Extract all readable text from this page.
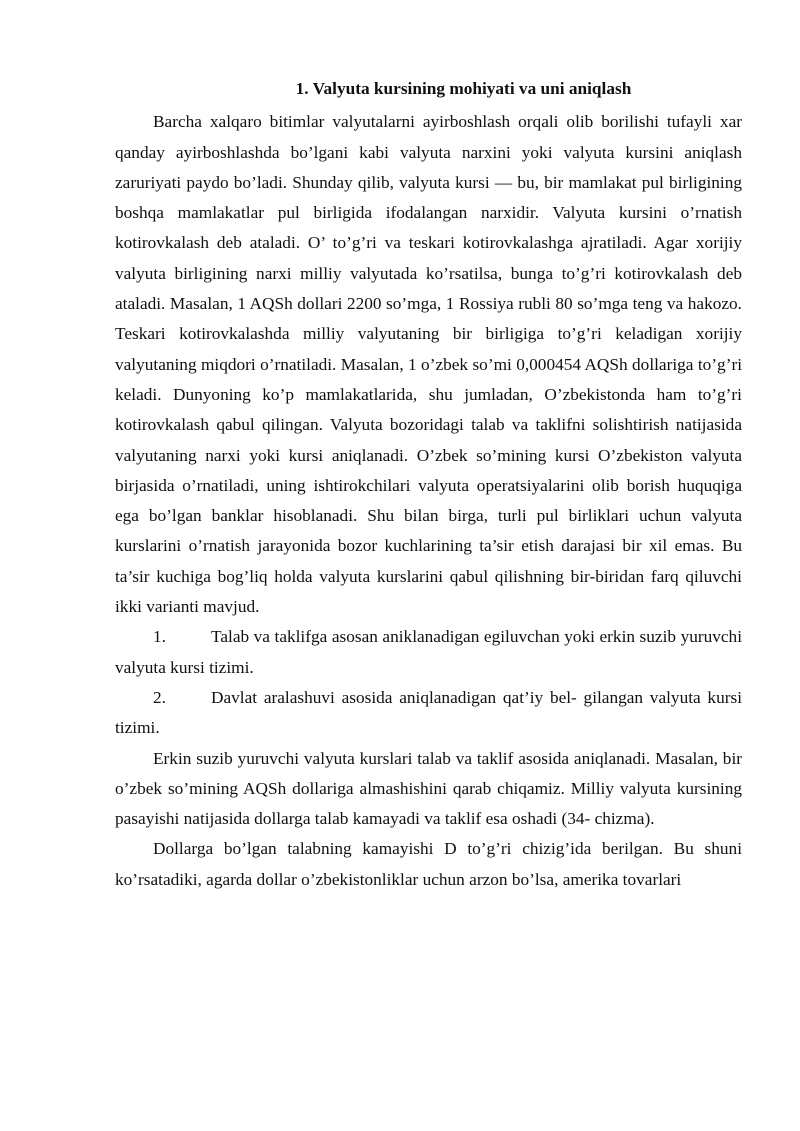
1. Valyuta kursining mohiyati va uni aniqlash

Barcha xalqaro bitimlar valyutalarni ayirboshlash orqali olib borilishi tufayli xar qanday ayirboshlashda bo’lgani kabi valyuta narxini yoki valyuta kursini aniqlash zaruriyati paydo bo’ladi. Shunday qilib, valyuta kursi — bu, bir mamlakat pul birligining boshqa mamlakatlar pul birligida ifodalangan narxidir. Valyuta kursini o’rnatish kotirovkalash deb ataladi. O’ to’g’ri va teskari kotirovkalashga ajratiladi. Agar xorijiy valyuta birligining narxi milliy valyutada ko’rsatilsa, bunga to’g’ri kotirovkalash deb ataladi. Masalan, 1 AQSh dollari 2200 so’mga, 1 Rossiya rubli 80 so’mga teng va hakozo. Teskari kotirovkalashda milliy valyutaning bir birligiga to’g’ri keladigan xorijiy valyutaning miqdori o’rnatiladi. Masalan, 1 o’zbek so’mi 0,000454 AQSh dollariga to’g’ri keladi. Dunyoning ko’p mamlakatlarida, shu jumladan, O’zbekistonda ham to’g’ri kotirovkalash qabul qilingan. Valyuta bozoridagi talab va taklifni solishtirish natijasida valyutaning narxi yoki kursi aniqlanadi. O’zbek so’mining kursi O’zbekiston valyuta birjasida o’rnatiladi, uning ishtirokchilari valyuta operatsiyalarini olib borish huquqiga ega bo’lgan banklar hisoblanadi. Shu bilan birga, turli pul birliklari uchun valyuta kurslarini o’rnatish jarayonida bozor kuchlarining ta’sir etish darajasi bir xil emas. Bu ta’sir kuchiga bog’liq holda valyuta kurslarini qabul qilishning bir-biridan farq qiluvchi ikki varianti mavjud.

1.	Talab va taklifga asosan aniklanadigan egiluvchan yoki erkin suzib yuruvchi valyuta kursi tizimi.

2.	Davlat aralashuvi asosida aniqlanadigan qat’iy bel- gilangan valyuta kursi tizimi.

Erkin suzib yuruvchi valyuta kurslari talab va taklif asosida aniqlanadi. Masalan, bir o’zbek so’mining AQSh dollariga almashishini qarab chiqamiz. Milliy valyuta kursining pasayishi natijasida dollarga talab kamayadi va taklif esa oshadi (34- chizma).

Dollarga bo’lgan talabning kamayishi D to’g’ri chizig’ida berilgan. Bu shuni ko’rsatadiki, agarda dollar o’zbekistonliklar uchun arzon bo’lsa, amerika tovarlari
